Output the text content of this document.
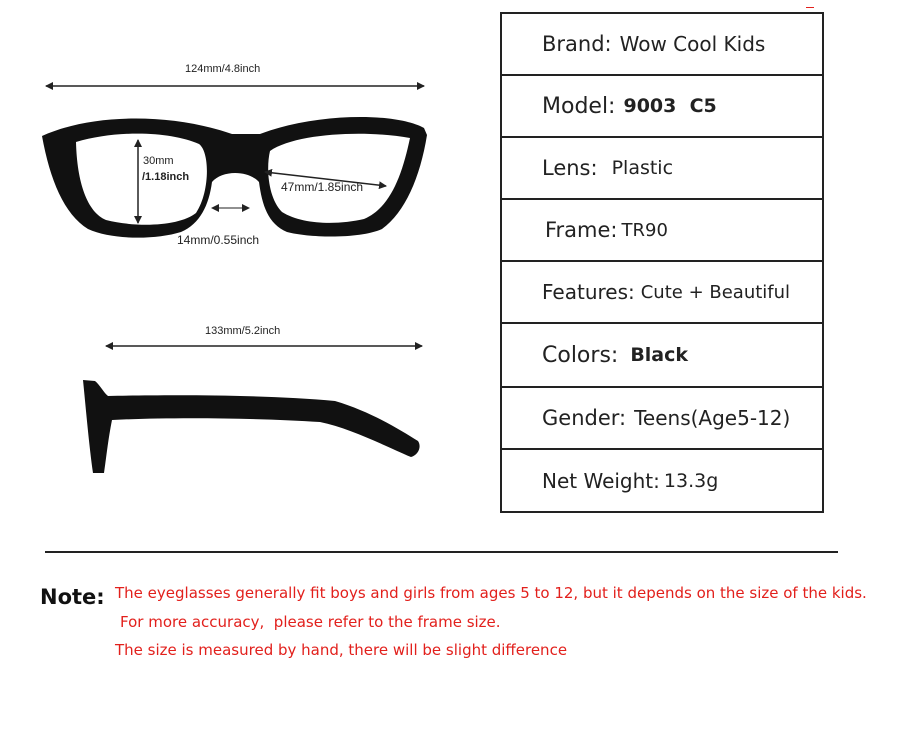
124mm/4.8inch
30mm
/1.18inch
47mm/1.85inch
14mm/0.55inch
133mm/5.2inch
Brand: Wow Cool Kids
Model: 9003  C5
Lens: Plastic
Frame: TR90
Features: Cute + Beautiful
Colors: Black
Gender: Teens(Age5-12)
Net Weight: 13.3g
Note: The eyeglasses generally fit boys and girls from ages 5 to 12, but it depends on the size of the kids.
For more accuracy,  please refer to the frame size.
The size is measured by hand, there will be slight difference
